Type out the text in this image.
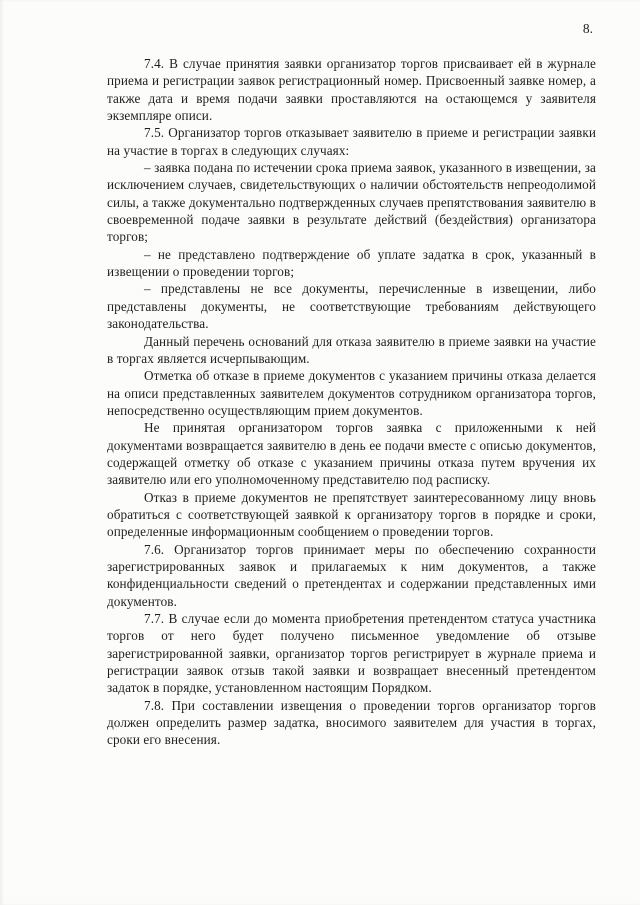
8.

7.4. В случае принятия заявки организатор торгов присваивает ей в журнале приема и регистрации заявок регистрационный номер. Присвоенный заявке номер, а также дата и время подачи заявки проставляются на остающемся у заявителя экземпляре описи.

7.5. Организатор торгов отказывает заявителю в приеме и регистрации заявки на участие в торгах в следующих случаях:

– заявка подана по истечении срока приема заявок, указанного в извещении, за исключением случаев, свидетельствующих о наличии обстоятельств непреодолимой силы, а также документально подтвержденных случаев препятствования заявителю в своевременной подаче заявки в результате действий (бездействия) организатора торгов;

– не представлено подтверждение об уплате задатка в срок, указанный в извещении о проведении торгов;

– представлены не все документы, перечисленные в извещении, либо представлены документы, не соответствующие требованиям действующего законодательства.

Данный перечень оснований для отказа заявителю в приеме заявки на участие в торгах является исчерпывающим.

Отметка об отказе в приеме документов с указанием причины отказа делается на описи представленных заявителем документов сотрудником организатора торгов, непосредственно осуществляющим прием документов.

Не принятая организатором торгов заявка с приложенными к ней документами возвращается заявителю в день ее подачи вместе с описью документов, содержащей отметку об отказе с указанием причины отказа путем вручения их заявителю или его уполномоченному представителю под расписку.

Отказ в приеме документов не препятствует заинтересованному лицу вновь обратиться с соответствующей заявкой к организатору торгов в порядке и сроки, определенные информационным сообщением о проведении торгов.

7.6. Организатор торгов принимает меры по обеспечению сохранности зарегистрированных заявок и прилагаемых к ним документов, а также конфиденциальности сведений о претендентах и содержании представленных ими документов.

7.7. В случае если до момента приобретения претендентом статуса участника торгов от него будет получено письменное уведомление об отзыве зарегистрированной заявки, организатор торгов регистрирует в журнале приема и регистрации заявок отзыв такой заявки и возвращает внесенный претендентом задаток в порядке, установленном настоящим Порядком.

7.8. При составлении извещения о проведении торгов организатор торгов должен определить размер задатка, вносимого заявителем для участия в торгах, сроки его внесения.
